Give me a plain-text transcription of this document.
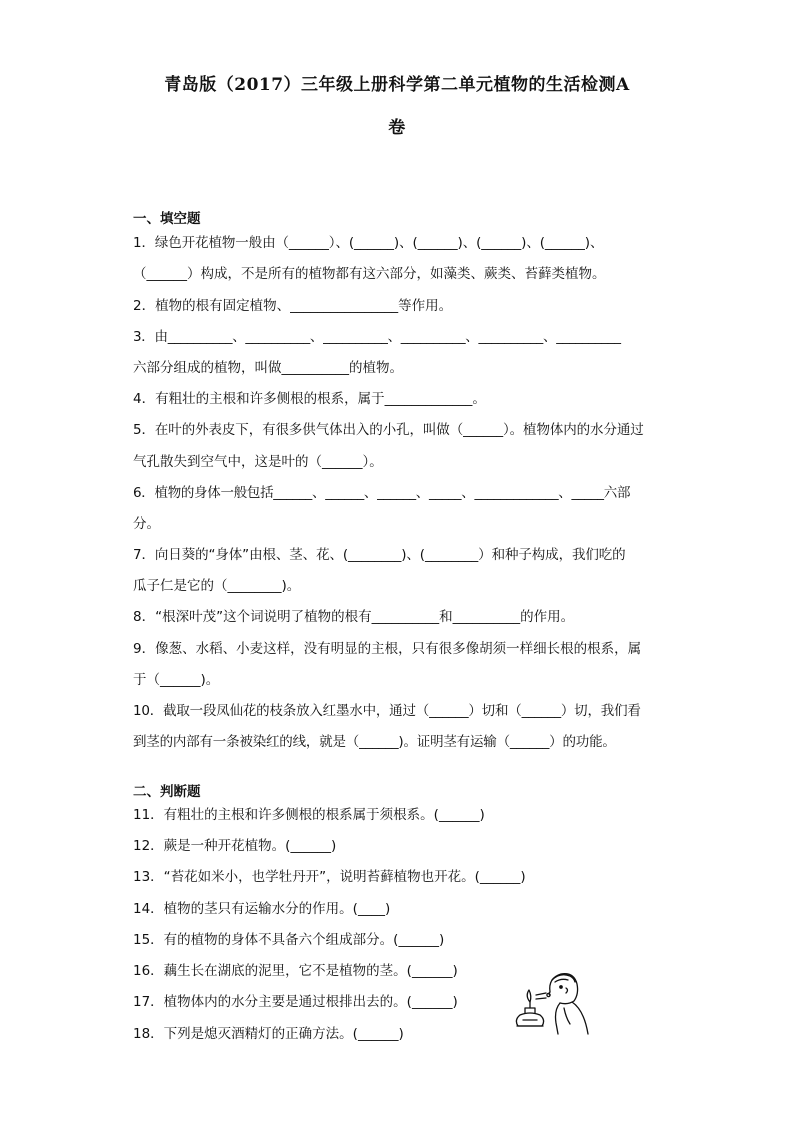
青岛版（2017）三年级上册科学第二单元植物的生活检测A
卷
一、填空题
1．绿色开花植物一般由（______）、(______)、(______)、(______)、(______)、
（______）构成，不是所有的植物都有这六部分，如藻类、蕨类、苔藓类植物。
2．植物的根有固定植物、________________等作用。
3．由__________、__________、__________、__________、__________、__________
六部分组成的植物，叫做__________的植物。
4．有粗壮的主根和许多侧根的根系，属于_____________。
5．在叶的外表皮下，有很多供气体出入的小孔，叫做（______）。植物体内的水分通过
气孔散失到空气中，这是叶的（______）。
6．植物的身体一般包括______、______、______、_____、_____________、_____六部
分。
7．向日葵的“身体”由根、茎、花、(________)、(________）和种子构成，我们吃的
瓜子仁是它的（________)。
8．“根深叶茂”这个词说明了植物的根有__________和__________的作用。
9．像葱、水稻、小麦这样，没有明显的主根，只有很多像胡须一样细长根的根系，属
于（______)。
10．截取一段凤仙花的枝条放入红墨水中，通过（______）切和（______）切，我们看
到茎的内部有一条被染红的线，就是（______)。证明茎有运输（______）的功能。
二、判断题
11．有粗壮的主根和许多侧根的根系属于须根系。(______)
12．蕨是一种开花植物。(______)
13．“苔花如米小，也学牡丹开”，说明苔藓植物也开花。(______)
14．植物的茎只有运输水分的作用。(____)
15．有的植物的身体不具备六个组成部分。(______)
16．藕生长在湖底的泥里，它不是植物的茎。(______)
17．植物体内的水分主要是通过根排出去的。(______)
18．下列是熄灭酒精灯的正确方法。(______)
